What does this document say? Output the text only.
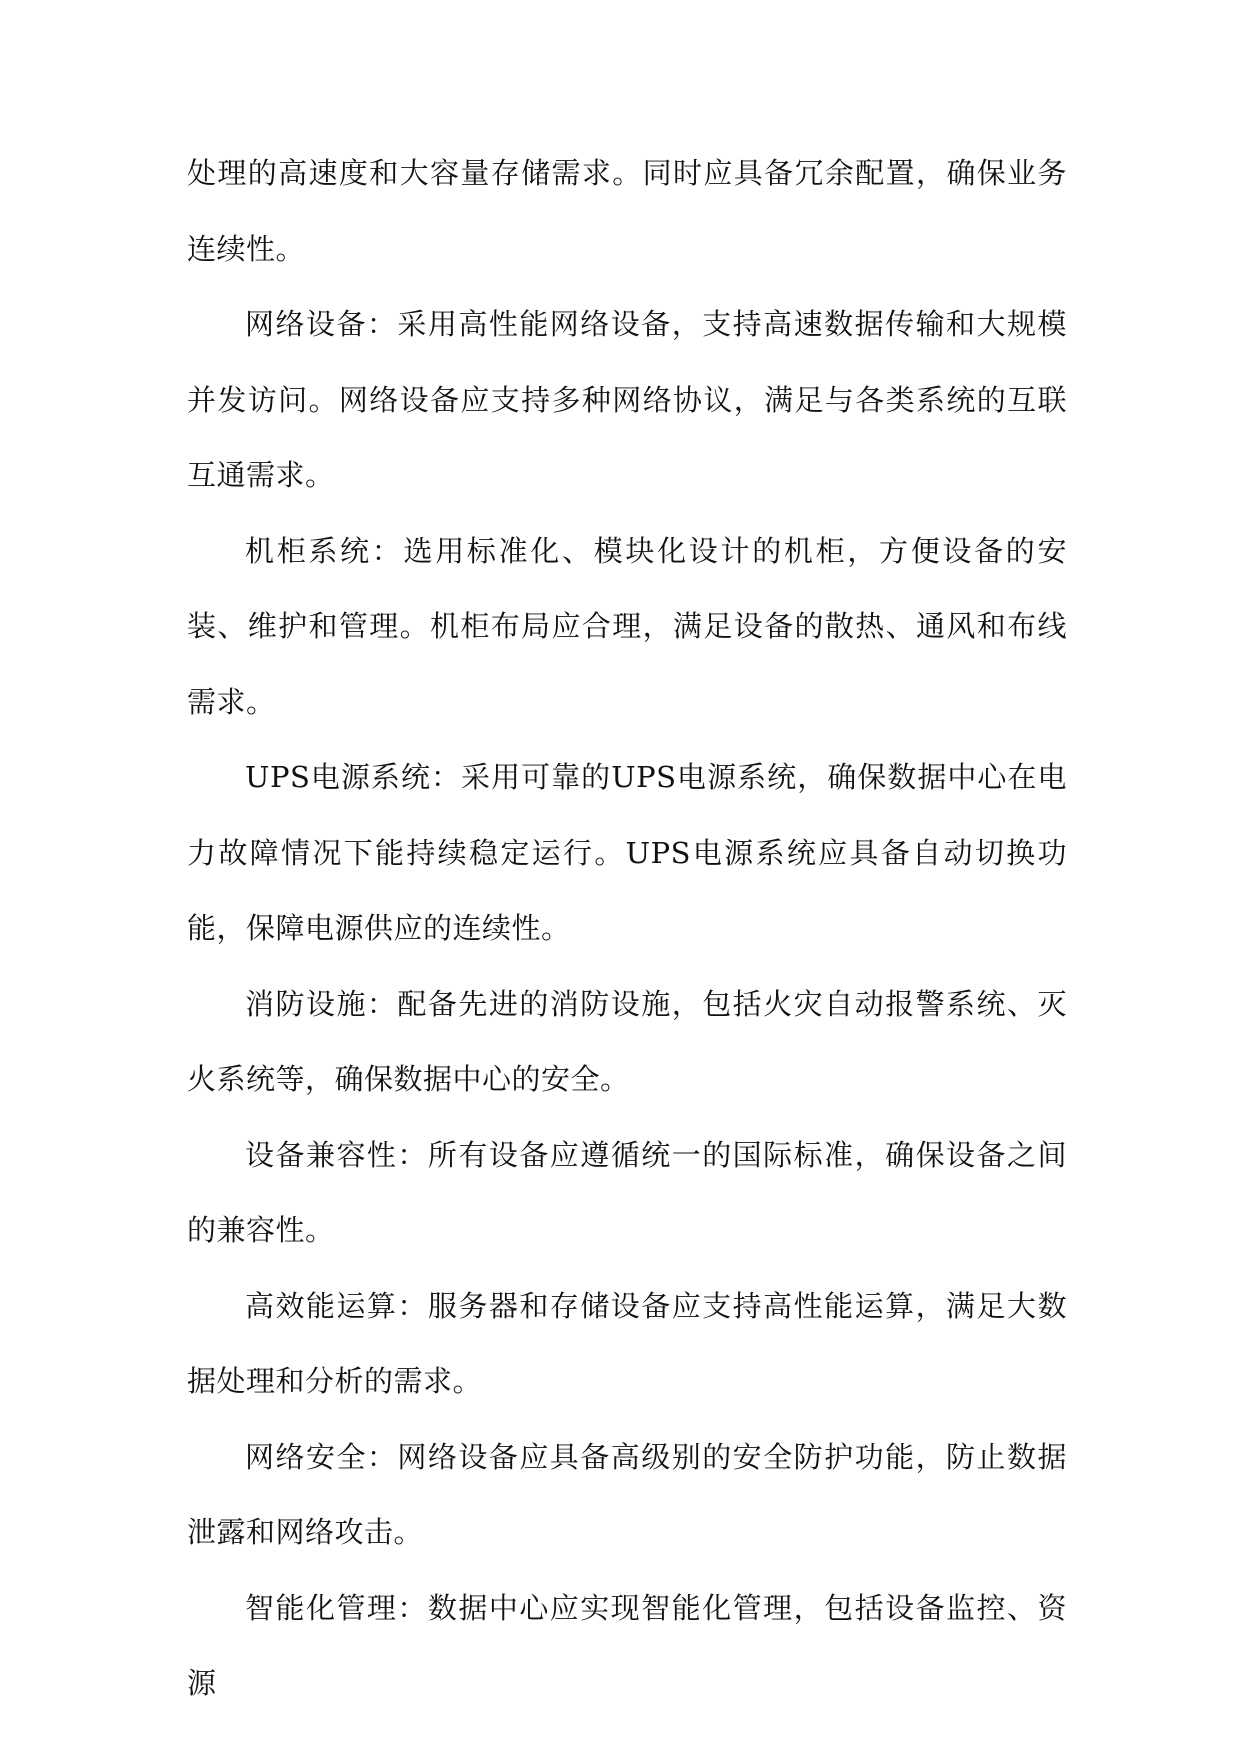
处理的高速度和大容量存储需求。同时应具备冗余配置，确保业务连续性。

网络设备：采用高性能网络设备，支持高速数据传输和大规模并发访问。网络设备应支持多种网络协议，满足与各类系统的互联互通需求。

机柜系统：选用标准化、模块化设计的机柜，方便设备的安装、维护和管理。机柜布局应合理，满足设备的散热、通风和布线需求。

UPS电源系统：采用可靠的UPS电源系统，确保数据中心在电力故障情况下能持续稳定运行。UPS电源系统应具备自动切换功能，保障电源供应的连续性。

消防设施：配备先进的消防设施，包括火灾自动报警系统、灭火系统等，确保数据中心的安全。

设备兼容性：所有设备应遵循统一的国际标准，确保设备之间的兼容性。

高效能运算：服务器和存储设备应支持高性能运算，满足大数据处理和分析的需求。

网络安全：网络设备应具备高级别的安全防护功能，防止数据泄露和网络攻击。

智能化管理：数据中心应实现智能化管理，包括设备监控、资源
